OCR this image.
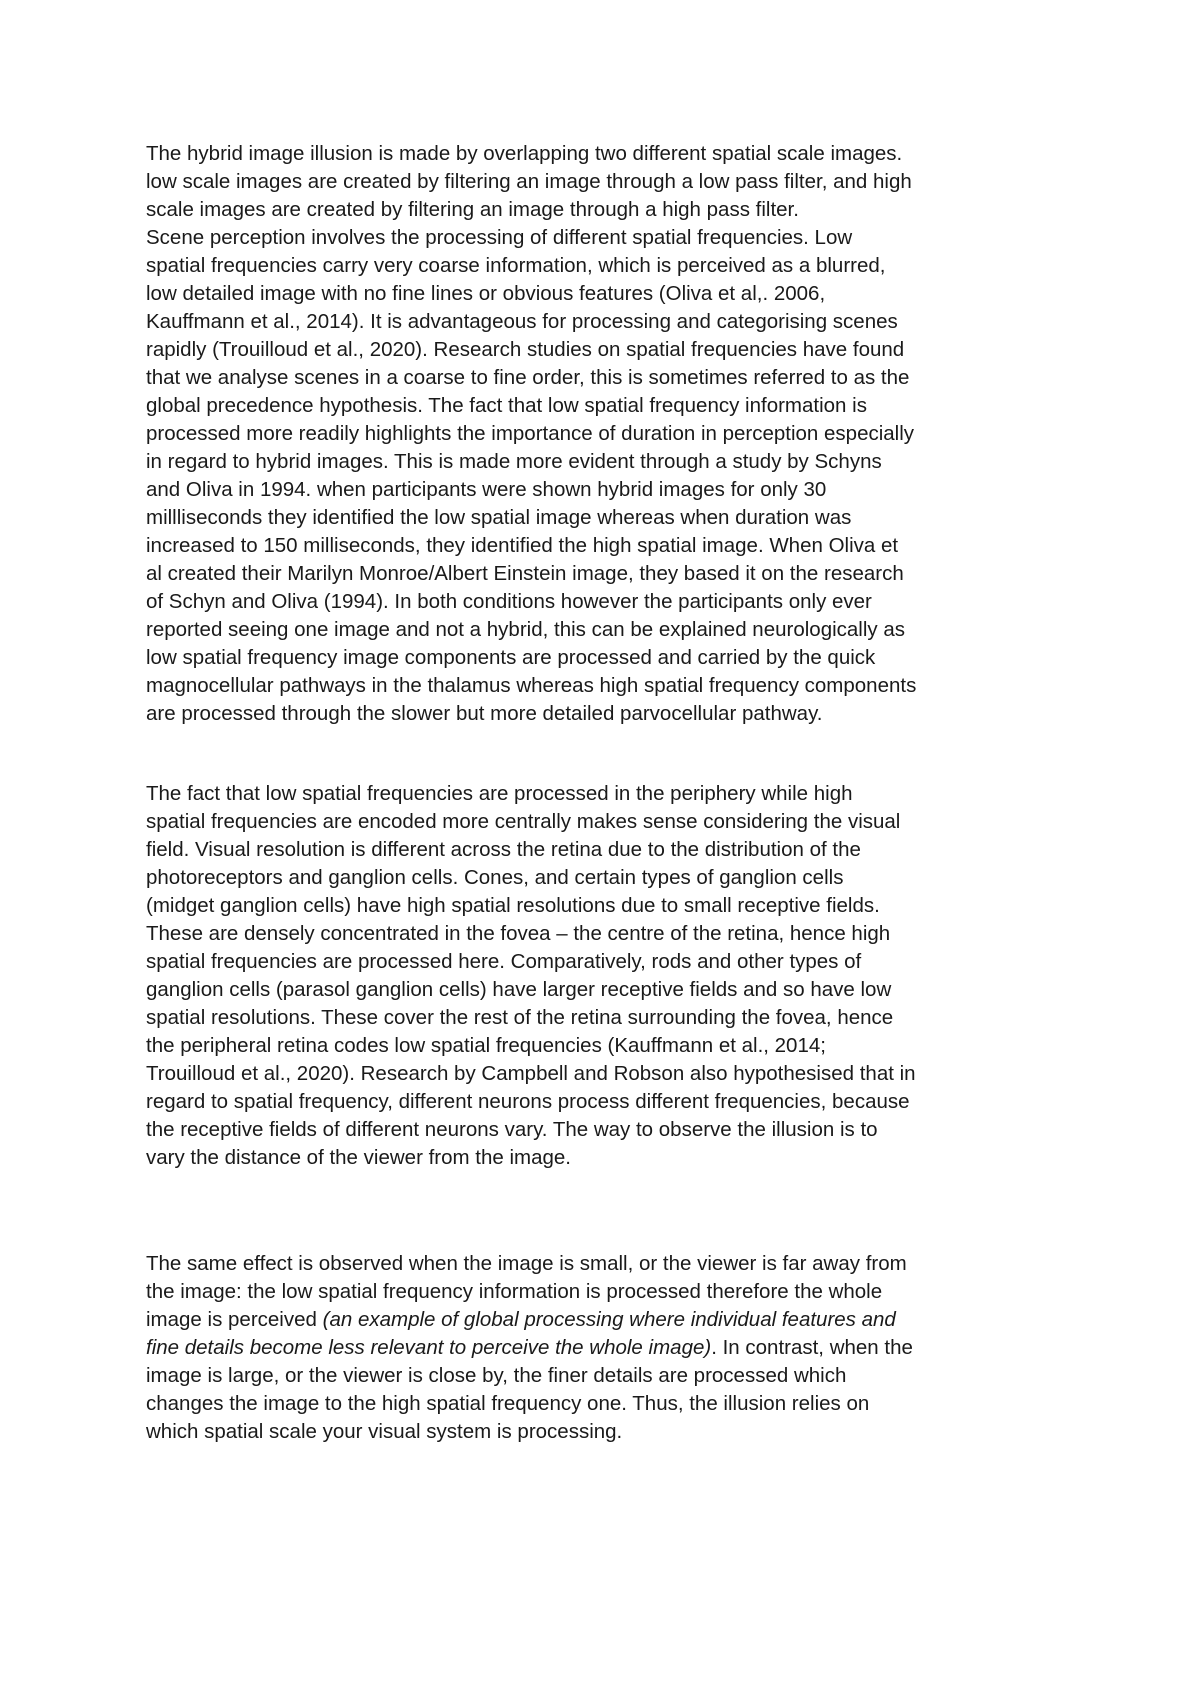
The hybrid image illusion is made by overlapping two different spatial scale images.
low scale images are created by filtering an image through a low pass filter, and high
scale images are created by filtering an image through a high pass filter.
Scene perception involves the processing of different spatial frequencies. Low
spatial frequencies carry very coarse information, which is perceived as a blurred,
low detailed image with no fine lines or obvious features (Oliva et al,. 2006,
Kauffmann et al., 2014). It is advantageous for processing and categorising scenes
rapidly (Trouilloud et al., 2020). Research studies on spatial frequencies have found
that we analyse scenes in a coarse to fine order, this is sometimes referred to as the
global precedence hypothesis. The fact that low spatial frequency information is
processed more readily highlights the importance of duration in perception especially
in regard to hybrid images. This is made more evident through a study by Schyns
and Oliva in 1994. when participants were shown hybrid images for only 30
millliseconds they identified the low spatial image whereas when duration was
increased to 150 milliseconds, they identified the high spatial image. When Oliva et
al created their Marilyn Monroe/Albert Einstein image, they based it on the research
of Schyn and Oliva (1994). In both conditions however the participants only ever
reported seeing one image and not a hybrid, this can be explained neurologically as
low spatial frequency image components are processed and carried by the quick
magnocellular pathways in the thalamus whereas high spatial frequency components
are processed through the slower but more detailed parvocellular pathway.
The fact that low spatial frequencies are processed in the periphery while high
spatial frequencies are encoded more centrally makes sense considering the visual
field. Visual resolution is different across the retina due to the distribution of the
photoreceptors and ganglion cells. Cones, and certain types of ganglion cells
(midget ganglion cells) have high spatial resolutions due to small receptive fields.
These are densely concentrated in the fovea – the centre of the retina, hence high
spatial frequencies are processed here. Comparatively, rods and other types of
ganglion cells (parasol ganglion cells) have larger receptive fields and so have low
spatial resolutions. These cover the rest of the retina surrounding the fovea, hence
the peripheral retina codes low spatial frequencies (Kauffmann et al., 2014;
Trouilloud et al., 2020). Research by Campbell and Robson also hypothesised that in
regard to spatial frequency, different neurons process different frequencies, because
the receptive fields of different neurons vary. The way to observe the illusion is to
vary the distance of the viewer from the image.
The same effect is observed when the image is small, or the viewer is far away from
the image: the low spatial frequency information is processed therefore the whole
image is perceived (an example of global processing where individual features and
fine details become less relevant to perceive the whole image). In contrast, when the
image is large, or the viewer is close by, the finer details are processed which
changes the image to the high spatial frequency one. Thus, the illusion relies on
which spatial scale your visual system is processing.
